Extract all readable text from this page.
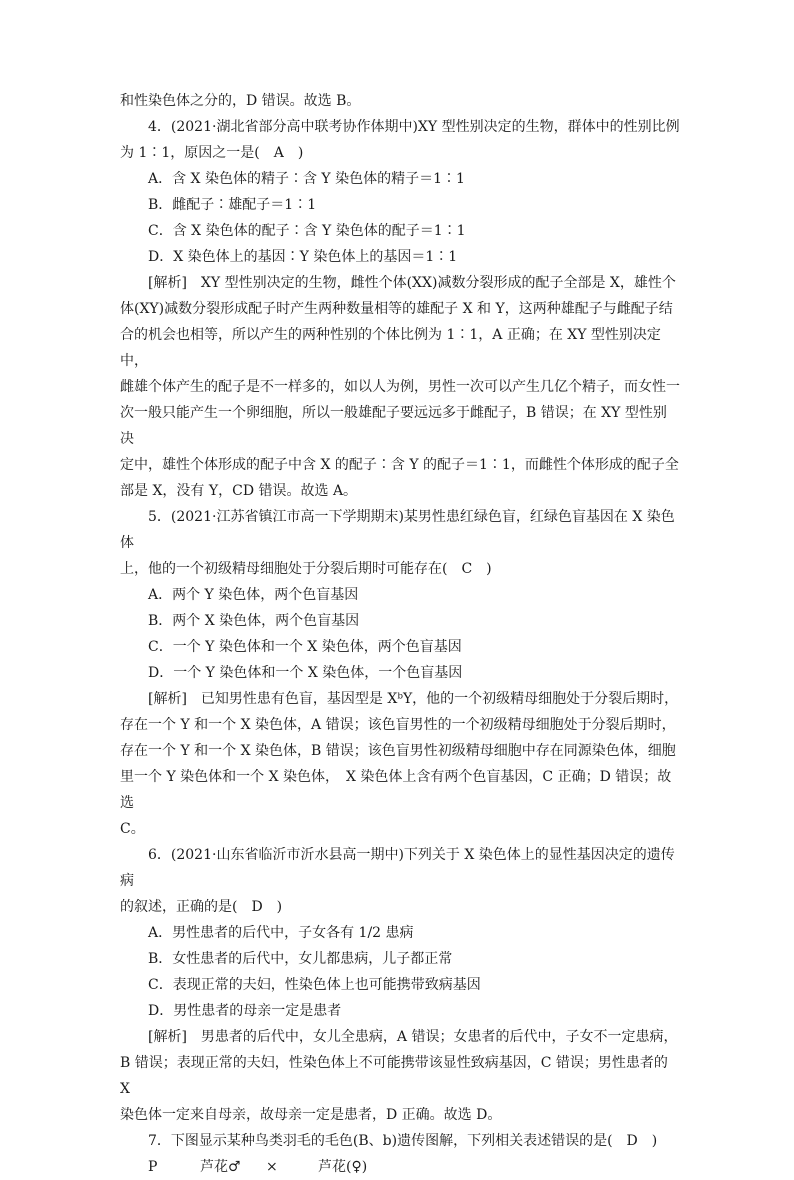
和性染色体之分的，D 错误。故选 B。

4．(2021·湖北省部分高中联考协作体期中)XY 型性别决定的生物，群体中的性别比例

为 1∶1，原因之一是(　A　)

A．含 X 染色体的精子∶含 Y 染色体的精子＝1∶1

B．雌配子∶雄配子＝1∶1

C．含 X 染色体的配子∶含 Y 染色体的配子＝1∶1

D．X 染色体上的基因∶Y 染色体上的基因＝1∶1

[解析]　XY 型性别决定的生物，雌性个体(XX)减数分裂形成的配子全部是 X，雄性个

体(XY)减数分裂形成配子时产生两种数量相等的雄配子 X 和 Y，这两种雄配子与雌配子结

合的机会也相等，所以产生的两种性别的个体比例为 1∶1，A 正确；在 XY 型性别决定中，

雌雄个体产生的配子是不一样多的，如以人为例，男性一次可以产生几亿个精子，而女性一

次一般只能产生一个卵细胞，所以一般雄配子要远远多于雌配子，B 错误；在 XY 型性别决

定中，雄性个体形成的配子中含 X 的配子∶含 Y 的配子＝1∶1，而雌性个体形成的配子全

部是 X，没有 Y，CD 错误。故选 A。

5．(2021·江苏省镇江市高一下学期期末)某男性患红绿色盲，红绿色盲基因在 X 染色体

上，他的一个初级精母细胞处于分裂后期时可能存在(　C　)

A．两个 Y 染色体，两个色盲基因

B．两个 X 染色体，两个色盲基因

C．一个 Y 染色体和一个 X 染色体，两个色盲基因

D．一个 Y 染色体和一个 X 染色体，一个色盲基因

[解析]　已知男性患有色盲，基因型是 XᵇY，他的一个初级精母细胞处于分裂后期时，

存在一个 Y 和一个 X 染色体，A 错误；该色盲男性的一个初级精母细胞处于分裂后期时，

存在一个 Y 和一个 X 染色体，B 错误；该色盲男性初级精母细胞中存在同源染色体，细胞

里一个 Y 染色体和一个 X 染色体，　X 染色体上含有两个色盲基因，C 正确；D 错误；故选

C。

6．(2021·山东省临沂市沂水县高一期中)下列关于 X 染色体上的显性基因决定的遗传病

的叙述，正确的是(　D　)

A．男性患者的后代中，子女各有 1/2 患病

B．女性患者的后代中，女儿都患病，儿子都正常

C．表现正常的夫妇，性染色体上也可能携带致病基因

D．男性患者的母亲一定是患者

[解析]　男患者的后代中，女儿全患病，A 错误；女患者的后代中，子女不一定患病，

B 错误；表现正常的夫妇，性染色体上不可能携带该显性致病基因，C 错误；男性患者的 X

染色体一定来自母亲，故母亲一定是患者，D 正确。故选 D。

7．下图显示某种鸟类羽毛的毛色(B、b)遗传图解，下列相关表述错误的是(　D　)

P	芦花♂	×	芦花(♀)
